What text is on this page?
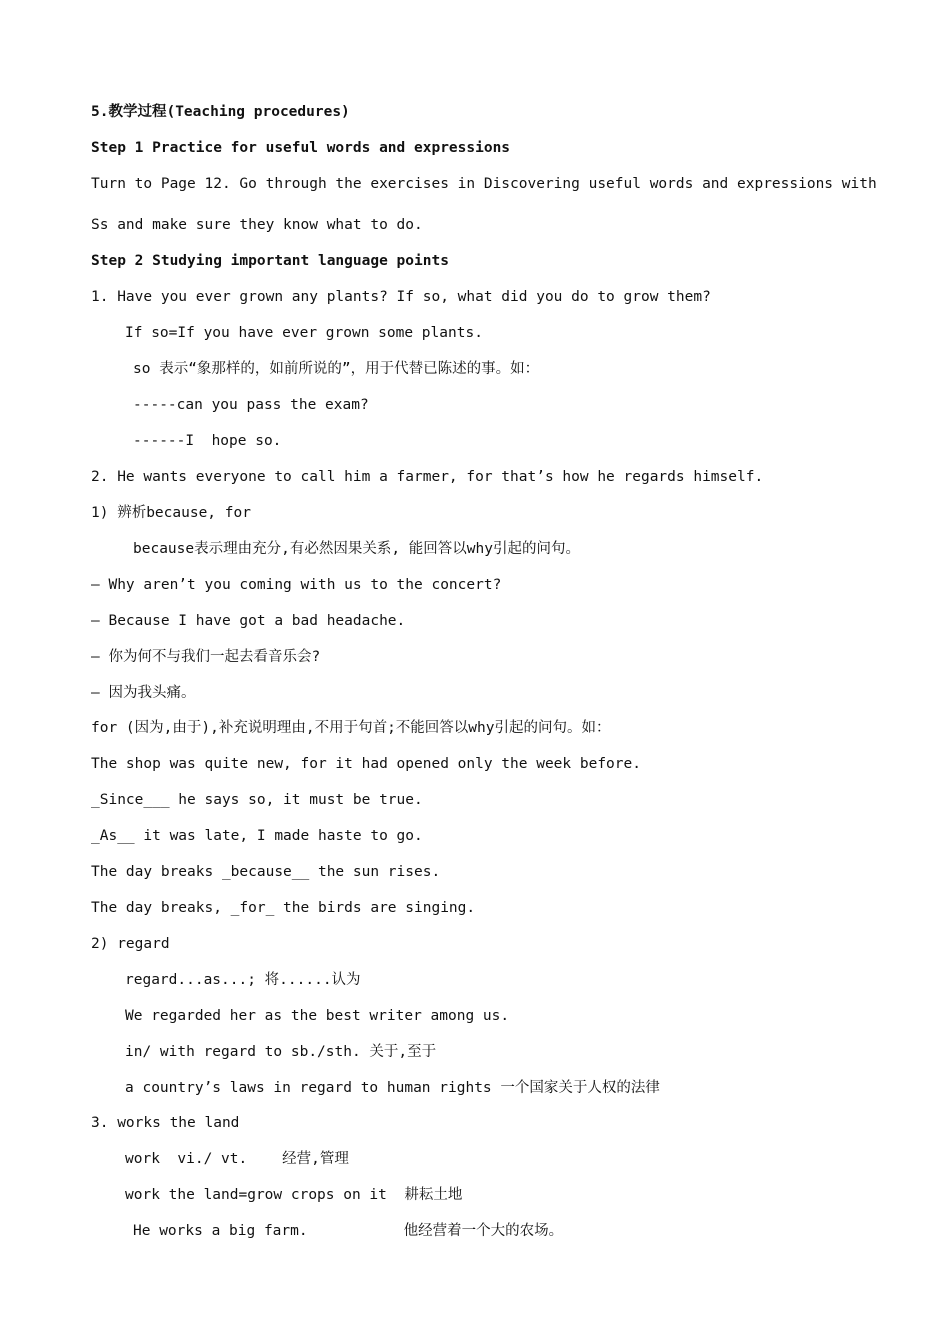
5.教学过程(Teaching procedures)
Step 1 Practice for useful words and expressions
Turn to Page 12. Go through the exercises in Discovering useful words and expressions with
Ss and make sure they know what to do.
Step 2 Studying important language points
1. Have you ever grown any plants? If so, what did you do to grow them?
If so=If you have ever grown some plants.
so 表示“象那样的，如前所说的”，用于代替已陈述的事。如：
-----can you pass the exam?
------I  hope so.
2. He wants everyone to call him a farmer, for that’s how he regards himself.
1) 辨析because, for
because表示理由充分,有必然因果关系, 能回答以why引起的问句。
— Why aren’t you coming with us to the concert?
— Because I have got a bad headache.
— 你为何不与我们一起去看音乐会?
— 因为我头痛。
for (因为,由于),补充说明理由,不用于句首;不能回答以why引起的问句。如：
The shop was quite new, for it had opened only the week before.
_Since___ he says so, it must be true.
_As__ it was late, I made haste to go.
The day breaks _because__ the sun rises.
The day breaks, _for_ the birds are singing.
2) regard
regard...as...; 将......认为
We regarded her as the best writer among us.
in/ with regard to sb./sth. 关于,至于
a country’s laws in regard to human rights 一个国家关于人权的法律
3. works the land
work  vi./ vt.    经营,管理
work the land=grow crops on it  耕耘土地
He works a big farm.           他经营着一个大的农场。
